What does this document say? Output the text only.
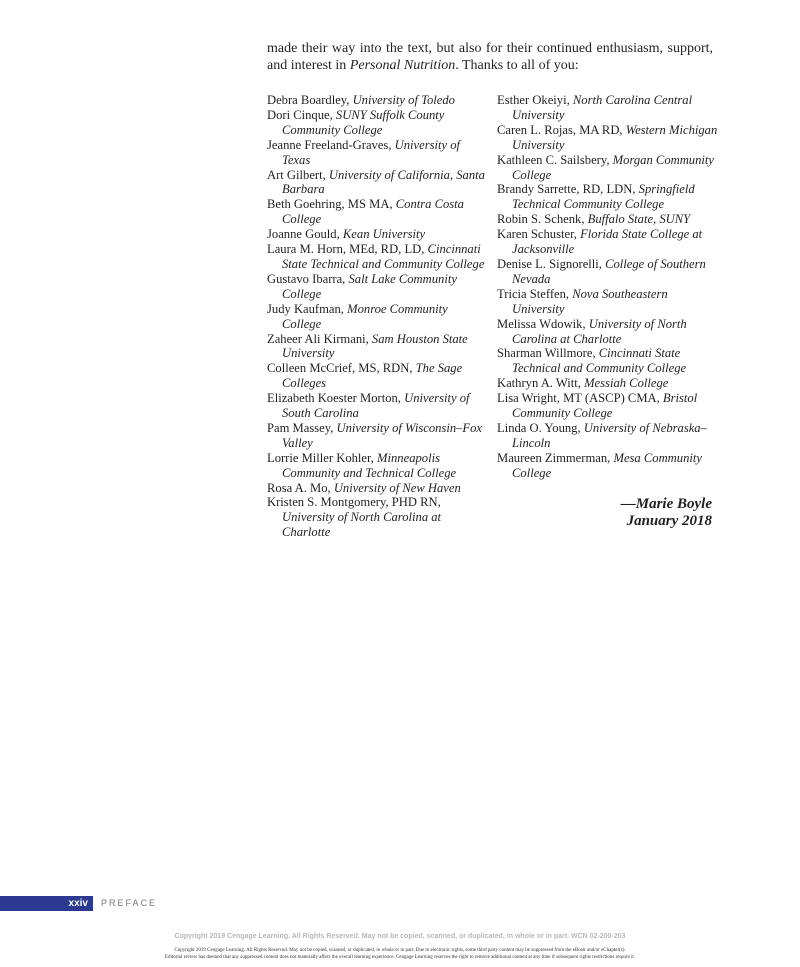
made their way into the text, but also for their continued enthusiasm, support, and interest in Personal Nutrition. Thanks to all of you:

Debra Boardley, University of Toledo

Dori Cinque, SUNY Suffolk County Community College

Jeanne Freeland-Graves, University of Texas

Art Gilbert, University of California, Santa Barbara

Beth Goehring, MS MA, Contra Costa College

Joanne Gould, Kean University

Laura M. Horn, MEd, RD, LD, Cincinnati State Technical and Community College

Gustavo Ibarra, Salt Lake Community College

Judy Kaufman, Monroe Community College

Zaheer Ali Kirmani, Sam Houston State University

Colleen McCrief, MS, RDN, The Sage Colleges

Elizabeth Koester Morton, University of South Carolina

Pam Massey, University of Wisconsin–Fox Valley

Lorrie Miller Kohler, Minneapolis Community and Technical College

Rosa A. Mo, University of New Haven

Kristen S. Montgomery, PHD RN, University of North Carolina at Charlotte

Esther Okeiyi, North Carolina Central University

Caren L. Rojas, MA RD, Western Michigan University

Kathleen C. Sailsbery, Morgan Community College

Brandy Sarrette, RD, LDN, Springfield Technical Community College

Robin S. Schenk, Buffalo State, SUNY

Karen Schuster, Florida State College at Jacksonville

Denise L. Signorelli, College of Southern Nevada

Tricia Steffen, Nova Southeastern University

Melissa Wdowik, University of North Carolina at Charlotte

Sharman Willmore, Cincinnati State Technical and Community College

Kathryn A. Witt, Messiah College

Lisa Wright, MT (ASCP) CMA, Bristol Community College

Linda O. Young, University of Nebraska–Lincoln

Maureen Zimmerman, Mesa Community College

—Marie Boyle
January 2018
xxiv PREFACE
Copyright 2019 Cengage Learning. All Rights Reserved. May not be copied, scanned, or duplicated, in whole or in part. WCN 02-200-203
Copyright 2019 Cengage Learning. All Rights Reserved. May not be copied, scanned, or duplicated, in whole or in part. Due to electronic rights, some third party content may be suppressed from the eBook and/or eChapter(s).
Editorial review has deemed that any suppressed content does not materially affect the overall learning experience. Cengage Learning reserves the right to remove additional content at any time if subsequent rights restrictions require it.
